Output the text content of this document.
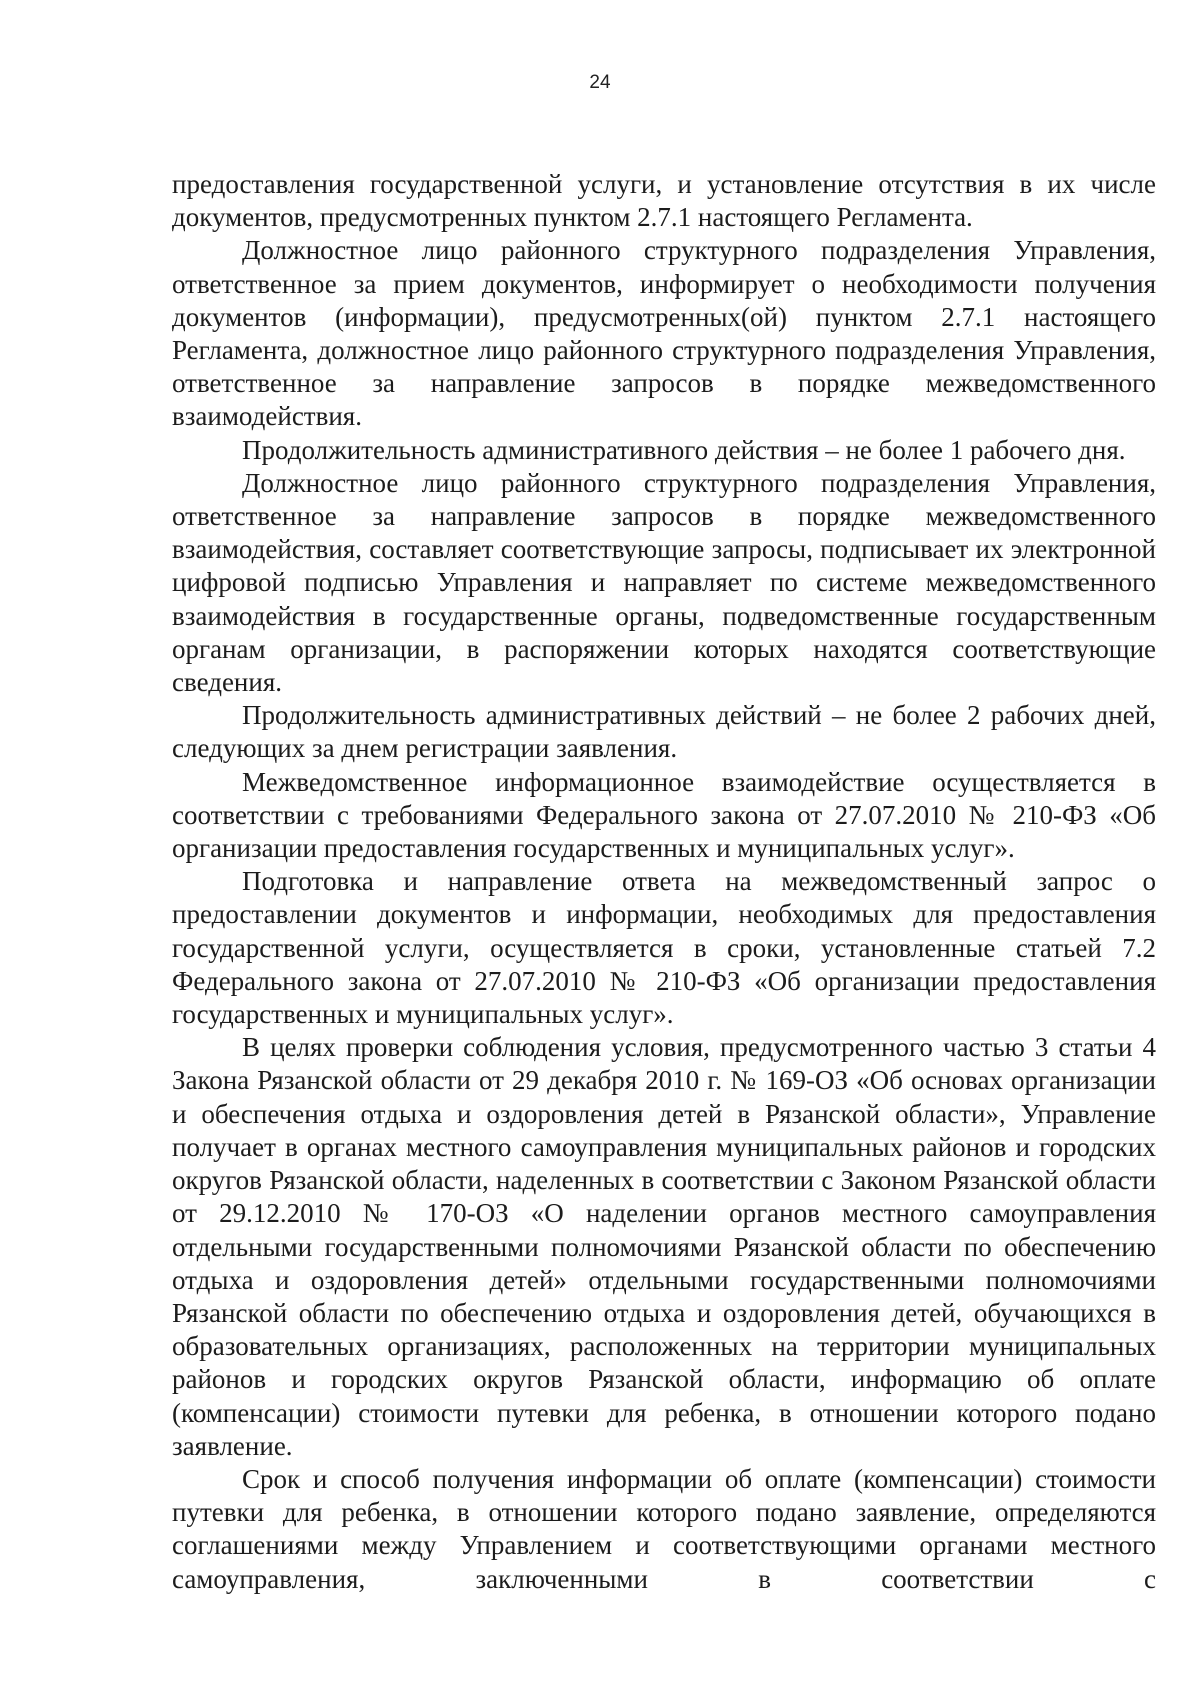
24

предоставления государственной услуги, и установление отсутствия в их числе документов, предусмотренных пунктом 2.7.1 настоящего Регламента.

Должностное лицо районного структурного подразделения Управления, ответственное за прием документов, информирует о необходимости получения документов (информации), предусмотренных(ой) пунктом 2.7.1 настоящего Регламента, должностное лицо районного структурного подразделения Управления, ответственное за направление запросов в порядке межведомственного взаимодействия.

Продолжительность административного действия – не более 1 рабочего дня.

Должностное лицо районного структурного подразделения Управления, ответственное за направление запросов в порядке межведомственного взаимодействия, составляет соответствующие запросы, подписывает их электронной цифровой подписью Управления и направляет по системе межведомственного взаимодействия в государственные органы, подведомственные государственным органам организации, в распоряжении которых находятся соответствующие сведения.

Продолжительность административных действий – не более 2 рабочих дней, следующих за днем регистрации заявления.

Межведомственное информационное взаимодействие осуществляется в соответствии с требованиями Федерального закона от 27.07.2010 № 210-ФЗ «Об организации предоставления государственных и муниципальных услуг».

Подготовка и направление ответа на межведомственный запрос о предоставлении документов и информации, необходимых для предоставления государственной услуги, осуществляется в сроки, установленные статьей 7.2 Федерального закона от 27.07.2010 № 210-ФЗ «Об организации предоставления государственных и муниципальных услуг».

В целях проверки соблюдения условия, предусмотренного частью 3 статьи 4 Закона Рязанской области от 29 декабря 2010 г. № 169-ОЗ «Об основах организации и обеспечения отдыха и оздоровления детей в Рязанской области», Управление получает в органах местного самоуправления муниципальных районов и городских округов Рязанской области, наделенных в соответствии с Законом Рязанской области от 29.12.2010 № 170-ОЗ «О наделении органов местного самоуправления отдельными государственными полномочиями Рязанской области по обеспечению отдыха и оздоровления детей» отдельными государственными полномочиями Рязанской области по обеспечению отдыха и оздоровления детей, обучающихся в образовательных организациях, расположенных на территории муниципальных районов и городских округов Рязанской области, информацию об оплате (компенсации) стоимости путевки для ребенка, в отношении которого подано заявление.

Срок и способ получения информации об оплате (компенсации) стоимости путевки для ребенка, в отношении которого подано заявление, определяются соглашениями между Управлением и соответствующими органами местного самоуправления, заключенными в соответствии с
